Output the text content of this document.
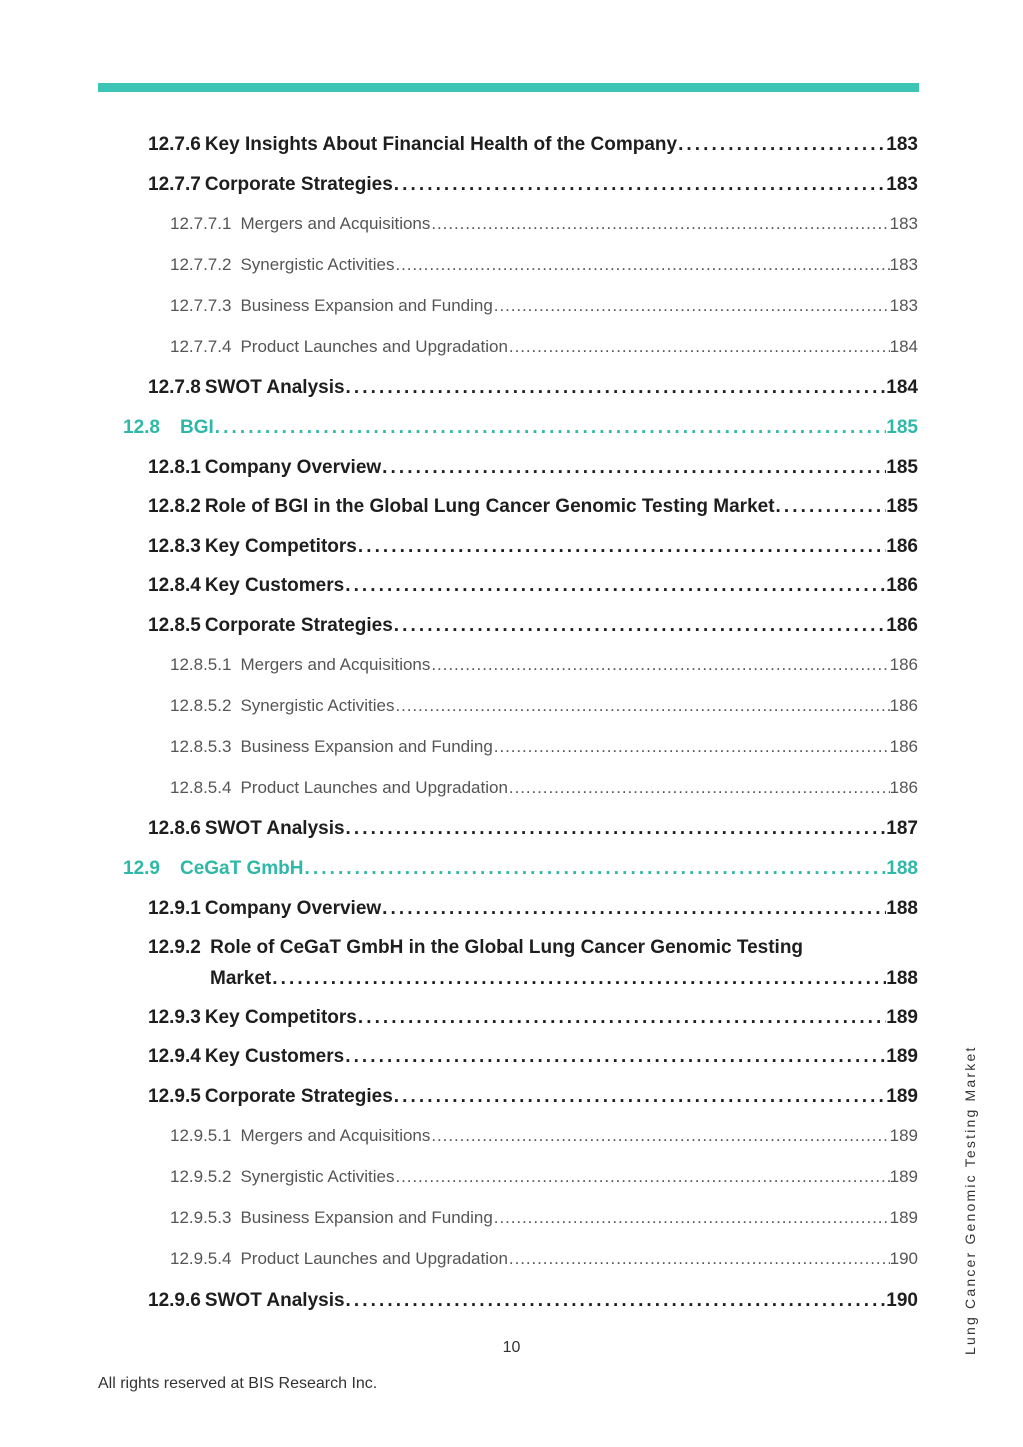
12.7.6 Key Insights About Financial Health of the Company . . .	183
12.7.7 Corporate Strategies . . .	183
12.7.7.1 Mergers and Acquisitions . . .	183
12.7.7.2 Synergistic Activities . . .	183
12.7.7.3 Business Expansion and Funding . . .	183
12.7.7.4 Product Launches and Upgradation . . .	184
12.7.8 SWOT Analysis . . .	184
12.8	BGI . . .	185
12.8.1 Company Overview . . .	185
12.8.2 Role of BGI in the Global Lung Cancer Genomic Testing Market . . .	185
12.8.3 Key Competitors . . .	186
12.8.4 Key Customers . . .	186
12.8.5 Corporate Strategies . . .	186
12.8.5.1 Mergers and Acquisitions . . .	186
12.8.5.2 Synergistic Activities . . .	186
12.8.5.3 Business Expansion and Funding . . .	186
12.8.5.4 Product Launches and Upgradation . . .	186
12.8.6 SWOT Analysis . . .	187
12.9	CeGaT GmbH . . .	188
12.9.1 Company Overview . . .	188
12.9.2 Role of CeGaT GmbH in the Global Lung Cancer Genomic Testing
Market . . .	188
12.9.3 Key Competitors . . .	189
12.9.4 Key Customers . . .	189
12.9.5 Corporate Strategies . . .	189
12.9.5.1 Mergers and Acquisitions . . .	189
12.9.5.2 Synergistic Activities . . .	189
12.9.5.3 Business Expansion and Funding . . .	189
12.9.5.4 Product Launches and Upgradation . . .	190
12.9.6 SWOT Analysis . . .	190
10
All rights reserved at BIS Research Inc.
Lung Cancer Genomic Testing Market
